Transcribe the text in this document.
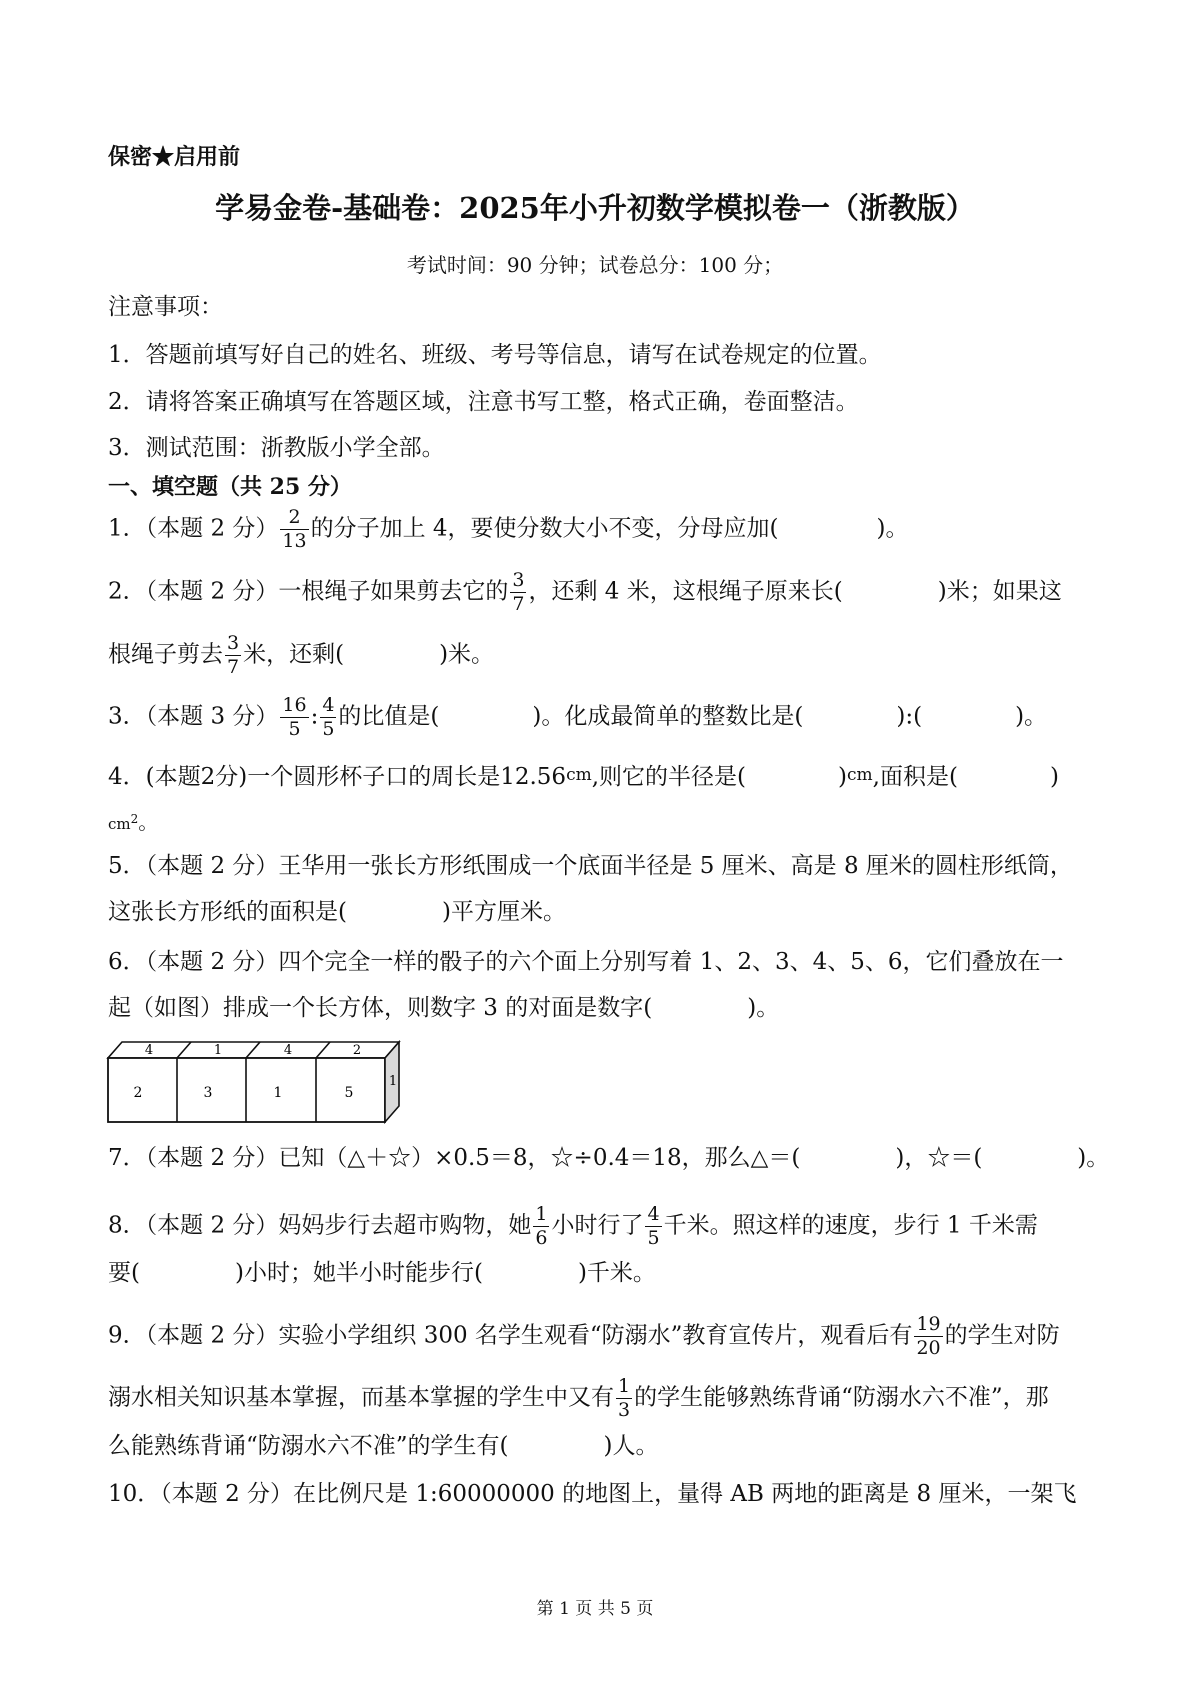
保密★启用前
学易金卷-基础卷：2025年小升初数学模拟卷一（浙教版）
考试时间：90 分钟；试卷总分：100 分；
注意事项：
1．答题前填写好自己的姓名、班级、考号等信息，请写在试卷规定的位置。
2．请将答案正确填写在答题区域，注意书写工整，格式正确，卷面整洁。
3．测试范围：浙教版小学全部。
一、填空题（共 25 分）
1．（本题 2 分） $\frac{2}{13}$ 的分子加上 4，要使分数大小不变，分母应加(	)。
2．（本题 2 分）一根绳子如果剪去它的 $\frac{3}{7}$ ，还剩 4 米，这根绳子原来长(	)米；如果这
根绳子剪去 $\frac{3}{7}$ 米，还剩(	)米。
3．（本题 3 分） $\frac{16}{5}$ : $\frac{4}{5}$ 的比值是(	)。化成最简单的整数比是(	):(	)。
4．(本题2分)一个圆形杯子口的周长是12.56cm,则它的半径是(	)cm,面积是(	)
$cm^2$。
5．（本题 2 分）王华用一张长方形纸围成一个底面半径是 5 厘米、高是 8 厘米的圆柱形纸筒，
这张长方形纸的面积是(	)平方厘米。
6．（本题 2 分）四个完全一样的骰子的六个面上分别写着 1、2、3、4、5、6，它们叠放在一
起（如图）排成一个长方体，则数字 3 的对面是数字(	)。
4	1	4	2
2	3	1	5
1
7．（本题 2 分）已知（△＋☆）×0.5＝8，☆÷0.4＝18，那么△＝(	)，☆＝(	)。
8．（本题 2 分）妈妈步行去超市购物，她 $\frac{1}{6}$ 小时行了 $\frac{4}{5}$ 千米。照这样的速度，步行 1 千米需
要(	)小时；她半小时能步行(	)千米。
9．（本题 2 分）实验小学组织 300 名学生观看“防溺水”教育宣传片，观看后有 $\frac{19}{20}$ 的学生对防
溺水相关知识基本掌握，而基本掌握的学生中又有 $\frac{1}{3}$ 的学生能够熟练背诵“防溺水六不准”，那
么能熟练背诵“防溺水六不准”的学生有(	)人。
10．（本题 2 分）在比例尺是 1:60000000 的地图上，量得 AB 两地的距离是 8 厘米，一架飞
第 1 页 共 5 页
